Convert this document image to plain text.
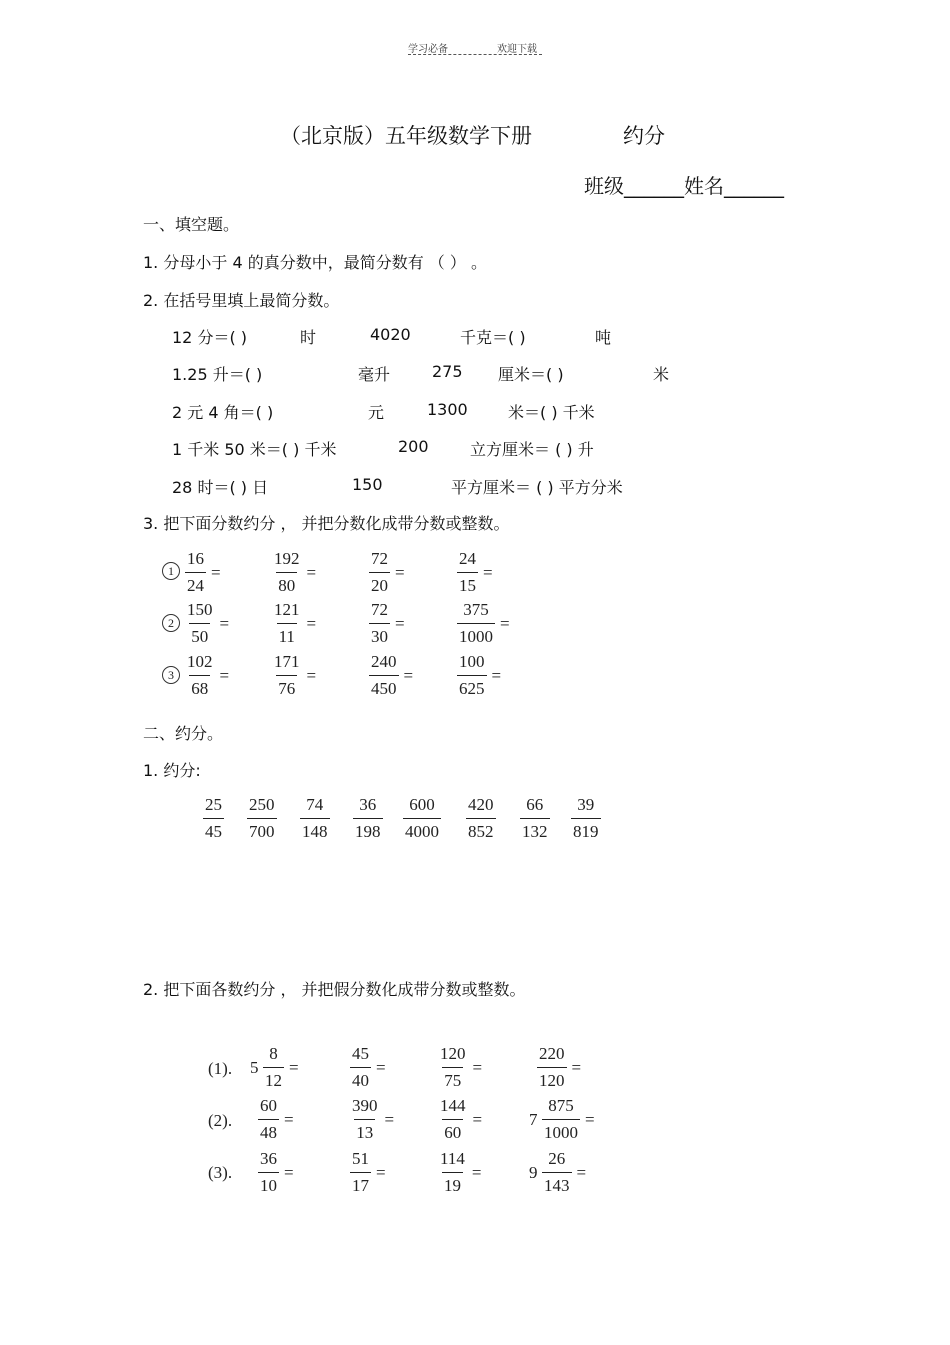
学习必备	欢迎下载
（北京版）五年级数学下册	约分
班级______姓名______
一、填空题。
1. 分母小于 4 的真分数中，最简分数有 （ ） 。
2. 在括号里填上最简分数。
12 分＝( )	时	4020	千克＝( )	吨
1.25 升＝( )	毫升	275 厘米＝( )	米
2 元 4 角＝( )	元	1300	米＝( ) 千米
1 千米 50 米＝( ) 千米	200	立方厘米＝ ( ) 升
28 时＝( ) 日	150	平方厘米＝ ( ) 平方分米
3. 把下面分数约分 ， 并把分数化成带分数或整数。
1
2
3
$\frac{16}{24}$ =	$\frac{192}{80}$ =	$\frac{72}{20}$ =	$\frac{24}{15}$ =
$\frac{150}{50}$ =	$\frac{121}{11}$ =	$\frac{72}{30}$ =	$\frac{375}{1000}$ =
$\frac{102}{68}$ =	$\frac{171}{76}$ =	$\frac{240}{450}$ =	$\frac{100}{625}$ =
二、约分。
1. 约分:
$\frac{25}{45} \frac{250}{700} \frac{74}{148} \frac{36}{198} \frac{600}{4000} \frac{420}{852} \frac{66}{132} \frac{39}{819}$
2. 把下面各数约分 ， 并把假分数化成带分数或整数。
(1).
(2).
(3).
$5 \frac{8}{12}$ =	$\frac{45}{40}$ =	$\frac{120}{75}$ =	$\frac{220}{120}$ =
$\frac{60}{48}$ =	$\frac{390}{13}$ =	$\frac{144}{60}$ =	$7 \frac{875}{1000}$ =
$\frac{36}{10}$ =	$\frac{51}{17}$ =	$\frac{114}{19}$ =	$9 \frac{26}{143}$ =
